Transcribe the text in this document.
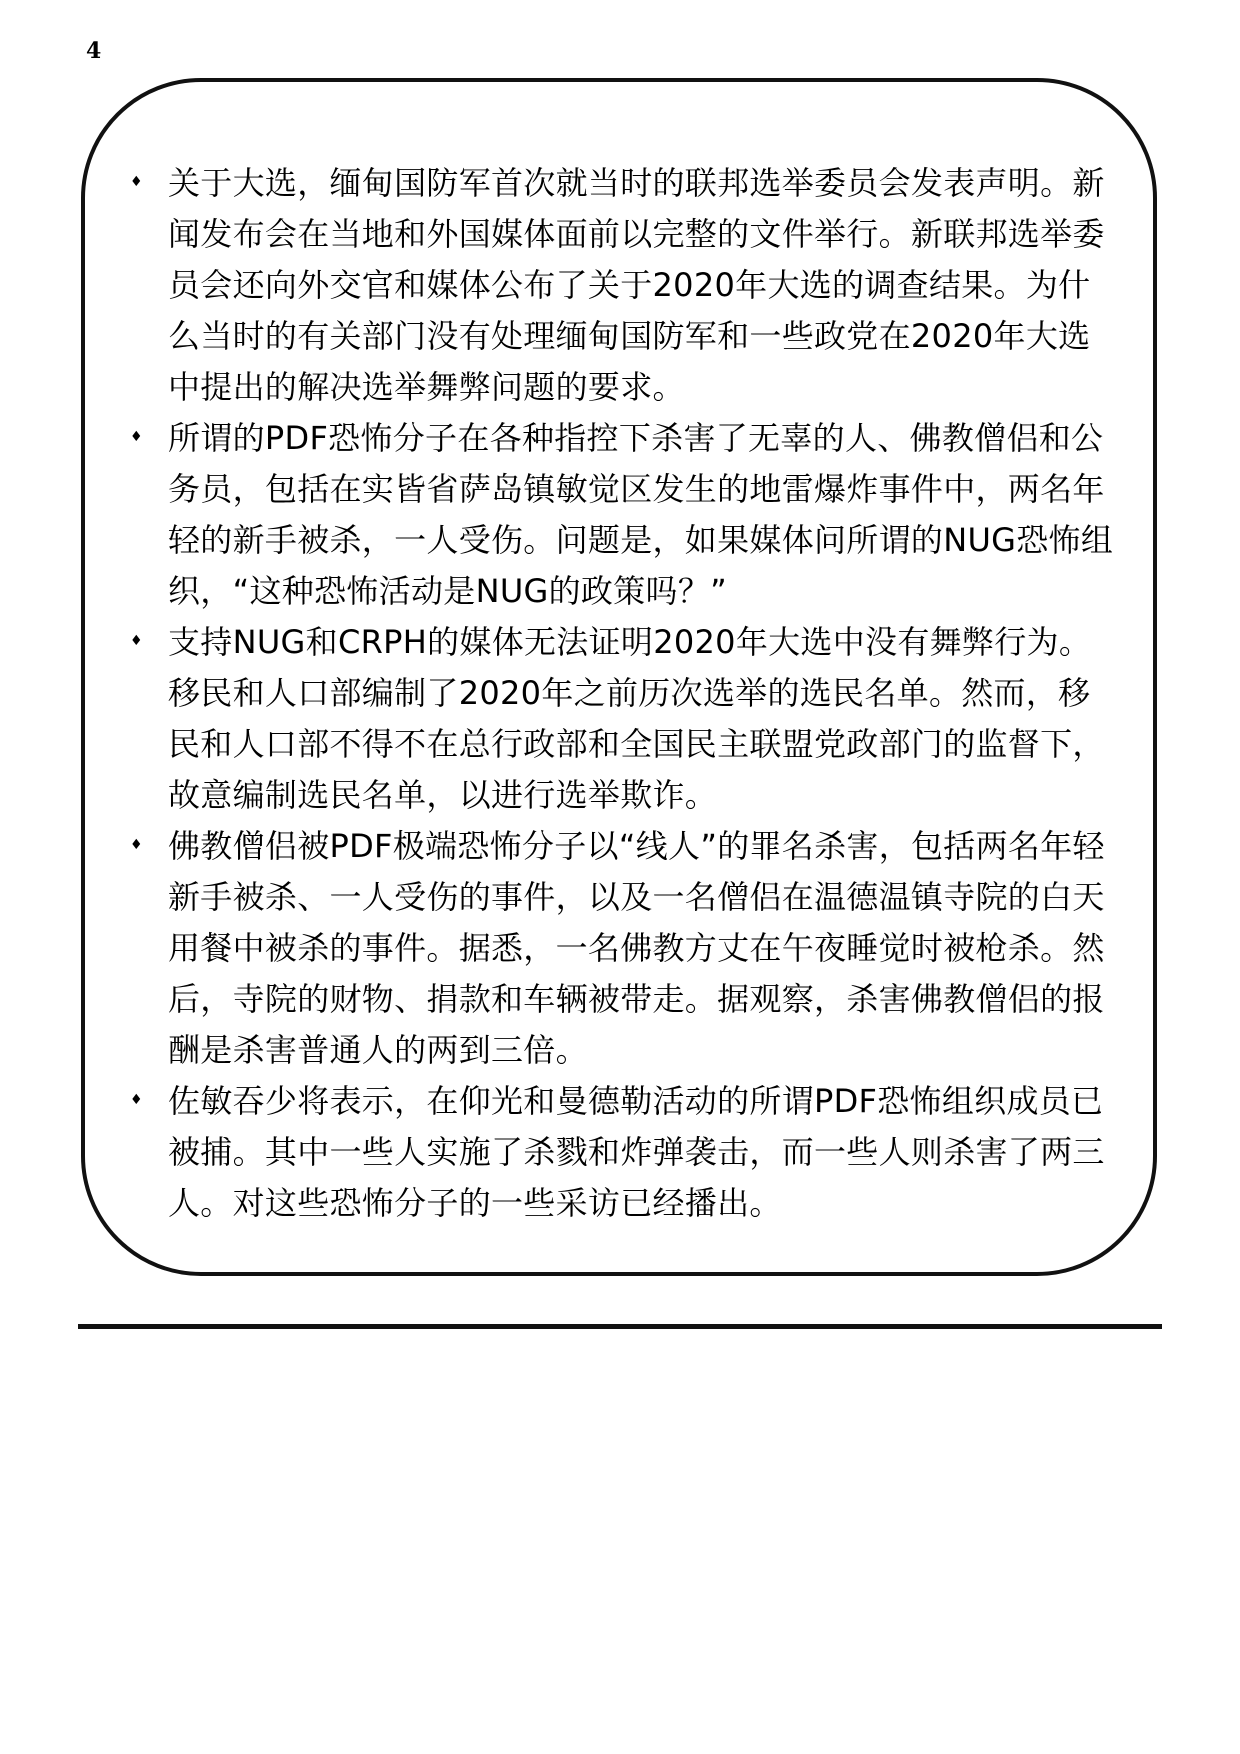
4
♦ 关于大选，缅甸国防军首次就当时的联邦选举委员会发表声明。新闻发布会在当地和外国媒体面前以完整的文件举行。新联邦选举委员会还向外交官和媒体公布了关于2020年大选的调查结果。为什么当时的有关部门没有处理缅甸国防军和一些政党在2020年大选中提出的解决选举舞弊问题的要求。
♦ 所谓的PDF恐怖分子在各种指控下杀害了无辜的人、佛教僧侣和公务员，包括在实皆省萨岛镇敏觉区发生的地雷爆炸事件中，两名年轻的新手被杀，一人受伤。问题是，如果媒体问所谓的NUG恐怖组织，“这种恐怖活动是NUG的政策吗？”
♦ 支持NUG和CRPH的媒体无法证明2020年大选中没有舞弊行为。移民和人口部编制了2020年之前历次选举的选民名单。然而，移民和人口部不得不在总行政部和全国民主联盟党政部门的监督下，故意编制选民名单，以进行选举欺诈。
♦ 佛教僧侣被PDF极端恐怖分子以“线人”的罪名杀害，包括两名年轻新手被杀、一人受伤的事件，以及一名僧侣在温德温镇寺院的白天用餐中被杀的事件。据悉，一名佛教方丈在午夜睡觉时被枪杀。然后，寺院的财物、捐款和车辆被带走。据观察，杀害佛教僧侣的报酬是杀害普通人的两到三倍。
♦ 佐敏吞少将表示，在仰光和曼德勒活动的所谓PDF恐怖组织成员已被捕。其中一些人实施了杀戮和炸弹袭击，而一些人则杀害了两三人。对这些恐怖分子的一些采访已经播出。
